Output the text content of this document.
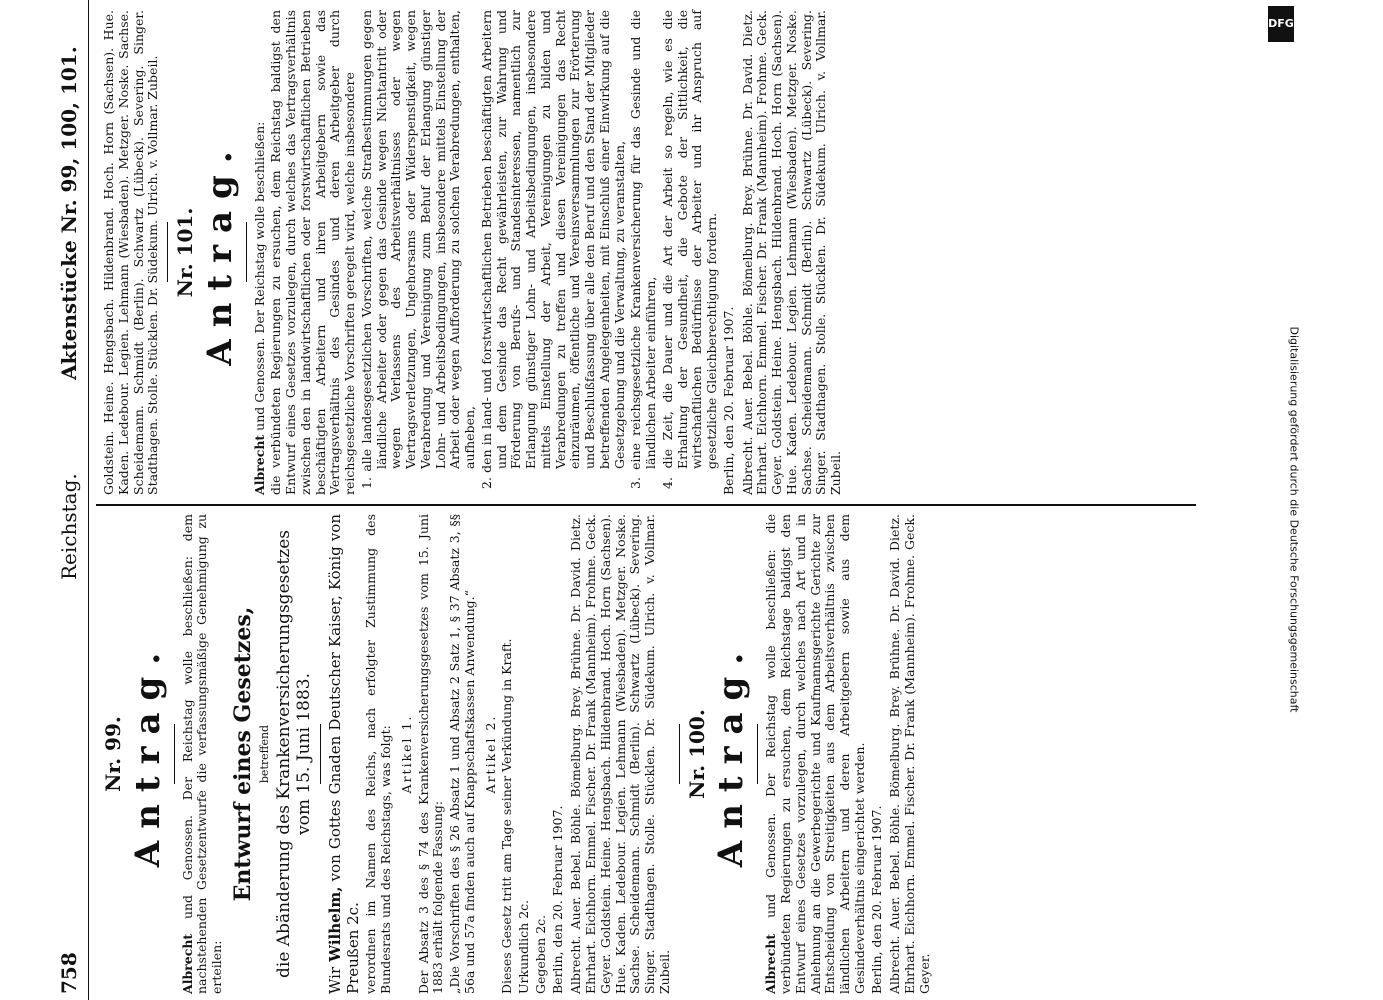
758
Reichstag.
Aktenstücke Nr. 99, 100, 101.
Nr. 99. Antrag.

Albrecht und Genossen. Der Reichstag wolle beschließen: dem nachstehenden Gesetzentwurfe die verfassungsmäßige Genehmigung zu erteilen:

Entwurf eines Gesetzes, betreffend die Abänderung des Krankenversicherungsgesetzes vom 15. Juni 1883.

Wir Wilhelm, von Gottes Gnaden Deutscher Kaiser, König von Preußen 2c. verordnen im Namen des Reichs, nach erfolgter Zustimmung des Bundesrats und des Reichstags, was folgt: Artikel 1. Der Absatz 3 des § 74 des Krankenversicherungsgesetzes vom 15. Juni 1883 erhält folgende Fassung: „Die Vorschriften des § 26 Absatz 1 und Absatz 2 Satz 1, § 37 Absatz 3, §§ 56a und 57a finden auch auf Knappschaftskassen Anwendung.“ Artikel 2. Dieses Gesetz tritt am Tage seiner Verkündung in Kraft. Urkundlich 2c. Gegeben 2c. Berlin, den 20. Februar 1907. Albrecht. Auer. Bebel. Böhle. Bömelburg. Brey. Brühne. Dr. David. Dietz. Ehrhart. Eichhorn. Emmel. Fischer. Dr. Frank (Mannheim). Frohme. Geck. Geyer. Goldstein. Heine. Hengsbach. Hildenbrand. Hoch. Horn (Sachsen). Hue. Kaden. Ledebour. Legien. Lehmann (Wiesbaden). Metzger. Noske. Sachse. Scheidemann. Schmidt (Berlin). Schwartz (Lübeck). Severing. Singer. Stadthagen. Stolle. Stücklen. Dr. Südekum. Ulrich. v. Vollmar. Zubeil.

Nr. 100. Antrag.

Albrecht und Genossen. Der Reichstag wolle beschließen: die verbündeten Regierungen zu ersuchen, dem Reichstage baldigst den Entwurf eines Gesetzes vorzulegen, durch welches nach Art und in Anlehnung an die Gewerbegerichte und Kaufmannsgerichte Gerichte zur Entscheidung von Streitigkeiten aus dem Arbeitsverhältnis zwischen ländlichen Arbeitern und deren Arbeitgebern sowie aus dem Gesindeverhältnis eingerichtet werden. Berlin, den 20. Februar 1907. Albrecht. Auer. Bebel. Böhle. Bömelburg. Brey. Brühne. Dr. David. Dietz. Ehrhart. Eichhorn. Emmel. Fischer. Dr. Frank (Mannheim). Frohme. Geck. Geyer.

Goldstein. Heine. Hengsbach. Hildenbrand. Hoch. Horn (Sachsen). Hue. Kaden. Ledebour. Legien. Lehmann (Wiesbaden). Metzger. Noske. Sachse. Scheidemann. Schmidt (Berlin). Schwartz (Lübeck). Severing. Singer. Stadthagen. Stolle. Stücklen. Dr. Südekum. Ulrich. v. Vollmar. Zubeil. Nr. 101. Antrag.

Albrecht und Genossen. Der Reichstag wolle beschließen: die verbündeten Regierungen zu ersuchen, dem Reichstag baldigst den Entwurf eines Gesetzes vorzulegen, durch welches das Vertragsverhältnis zwischen den in landwirtschaftlichen oder forstwirtschaftlichen Betrieben beschäftigten Arbeitern und ihren Arbeitgebern sowie das Vertragsverhältnis des Gesindes und deren Arbeitgeber durch reichsgesetzliche Vorschriften geregelt wird, welche insbesondere 1. alle landesgesetzlichen Vorschriften, welche Strafbestimmungen gegen ländliche Arbeiter oder gegen das Gesinde wegen Nichtantritt oder wegen Verlassens des Arbeitsverhältnisses oder wegen Vertragsverletzungen, Ungehorsams oder Widerspenstigkeit, wegen Verabredung und Vereinigung zum Behuf der Erlangung günstiger Lohn- und Arbeitsbedingungen, insbesondere mittels Einstellung der Arbeit oder wegen Aufforderung zu solchen Verabredungen, enthalten, aufheben, 2. den in land- und forstwirtschaftlichen Betrieben beschäftigten Arbeitern und dem Gesinde das Recht gewährleisten, zur Wahrung und Förderung von Berufs- und Standesinteressen, namentlich zur Erlangung günstiger Lohn- und Arbeitsbedingungen, insbesondere mittels Einstellung der Arbeit, Vereinigungen zu bilden und Verabredungen zu treffen und diesen Vereinigungen das Recht einzuräumen, öffentliche und Vereinsversammlungen zur Erörterung und Beschlußfassung über alle den Beruf und den Stand der Mitglieder betreffenden Angelegenheiten, mit Einschluß einer Einwirkung auf die Gesetzgebung und die Verwaltung, zu veranstalten, 3. eine reichsgesetzliche Krankenversicherung für das Gesinde und die ländlichen Arbeiter einführen, 4. die Zeit, die Dauer und die Art der Arbeit so regeln, wie es die Erhaltung der Gesundheit, die Gebote der Sittlichkeit, die wirtschaftlichen Bedürfnisse der Arbeiter und ihr Anspruch auf gesetzliche Gleichberechtigung fordern. Berlin, den 20. Februar 1907. Albrecht. Auer. Bebel. Böhle. Bömelburg. Brey. Brühne. Dr. David. Dietz. Ehrhart. Eichhorn. Emmel. Fischer. Dr. Frank (Mannheim). Frohme. Geck. Geyer. Goldstein. Heine. Hengsbach. Hildenbrand. Hoch. Horn (Sachsen). Hue. Kaden. Ledebour. Legien. Lehmann (Wiesbaden). Metzger. Noske. Sachse. Scheidemann. Schmidt (Berlin). Schwartz (Lübeck). Severing. Singer. Stadthagen. Stolle. Stücklen. Dr. Südekum. Ulrich. v. Vollmar. Zubeil.

DFG
Digitalisierung gefördert durch die Deutsche Forschungsgemeinschaft
